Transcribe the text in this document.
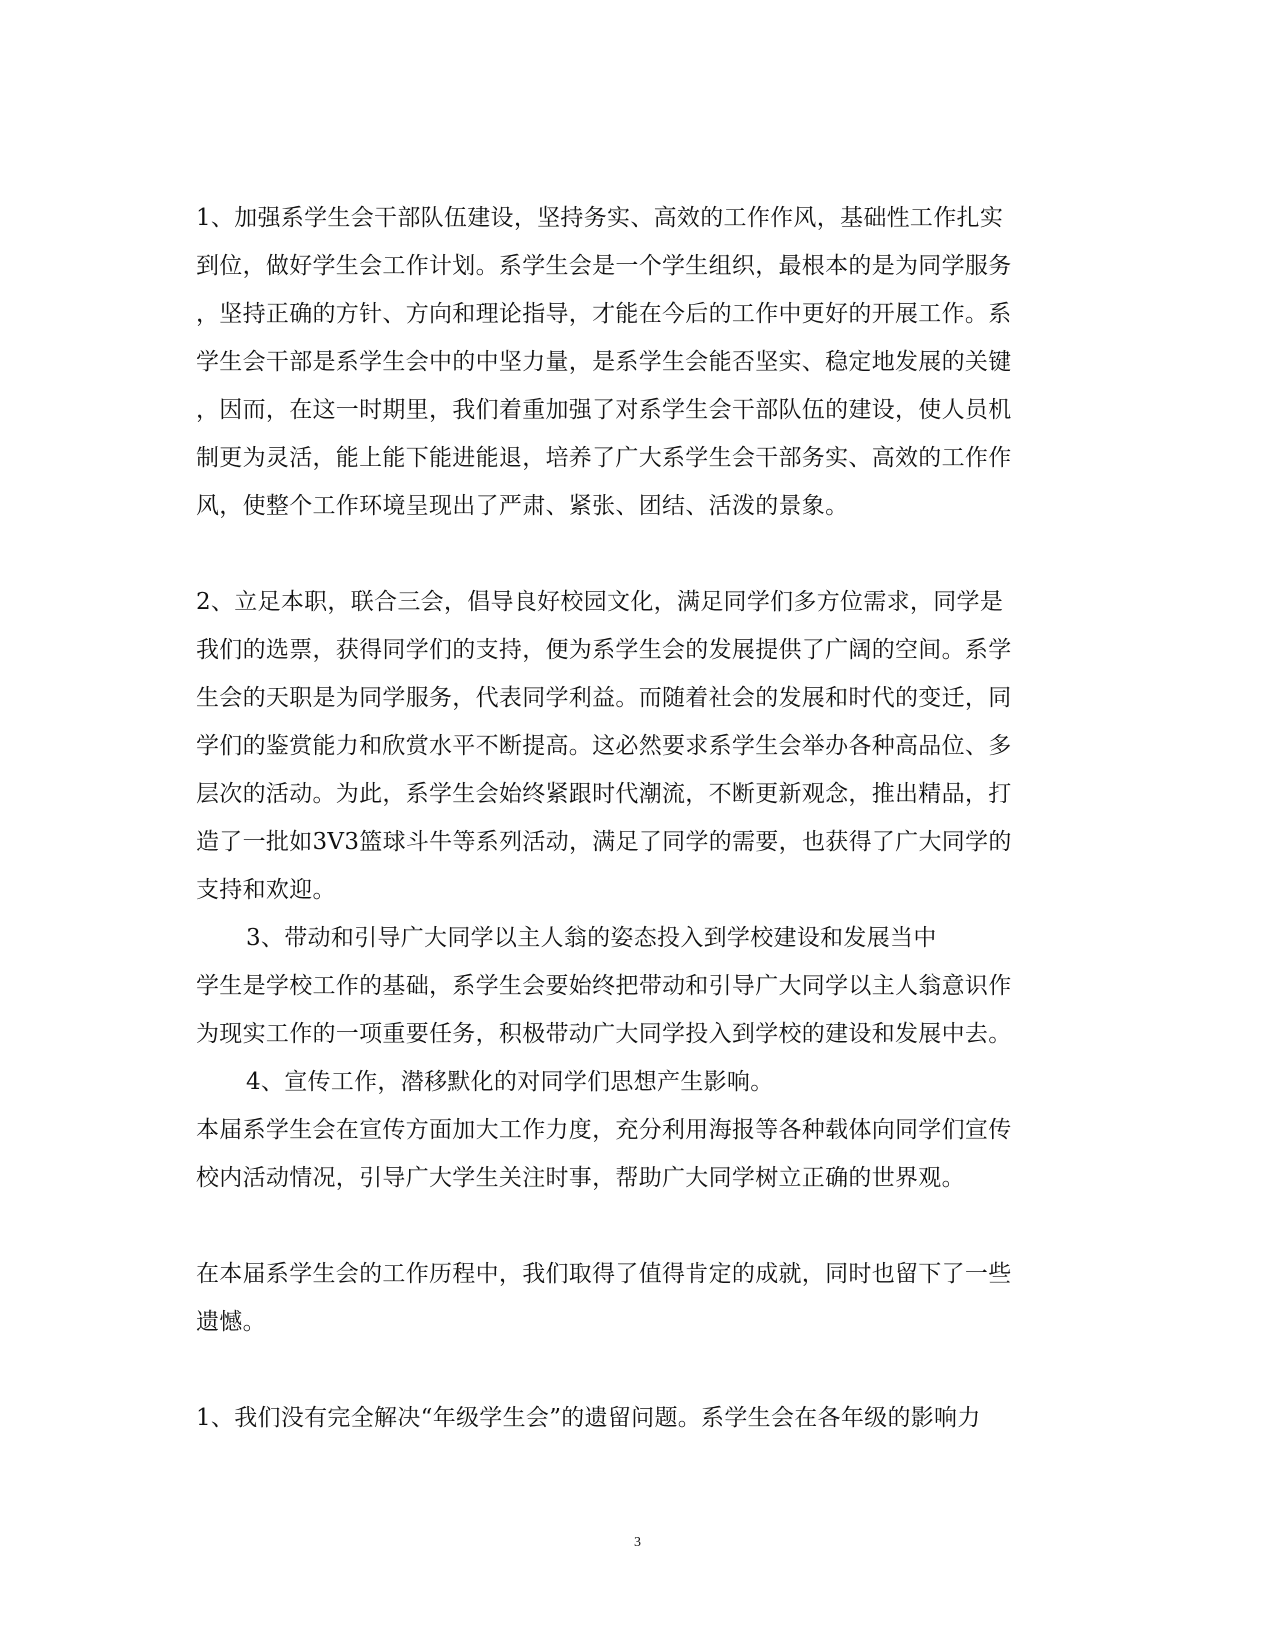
1、加强系学生会干部队伍建设，坚持务实、高效的工作作风，基础性工作扎实
到位，做好学生会工作计划。系学生会是一个学生组织，最根本的是为同学服务
，坚持正确的方针、方向和理论指导，才能在今后的工作中更好的开展工作。系
学生会干部是系学生会中的中坚力量，是系学生会能否坚实、稳定地发展的关键
，因而，在这一时期里，我们着重加强了对系学生会干部队伍的建设，使人员机
制更为灵活，能上能下能进能退，培养了广大系学生会干部务实、高效的工作作
风，使整个工作环境呈现出了严肃、紧张、团结、活泼的景象。
2、立足本职，联合三会，倡导良好校园文化，满足同学们多方位需求，同学是
我们的选票，获得同学们的支持，便为系学生会的发展提供了广阔的空间。系学
生会的天职是为同学服务，代表同学利益。而随着社会的发展和时代的变迁，同
学们的鉴赏能力和欣赏水平不断提高。这必然要求系学生会举办各种高品位、多
层次的活动。为此，系学生会始终紧跟时代潮流，不断更新观念，推出精品，打
造了一批如3V3篮球斗牛等系列活动，满足了同学的需要，也获得了广大同学的
支持和欢迎。
3、带动和引导广大同学以主人翁的姿态投入到学校建设和发展当中
学生是学校工作的基础，系学生会要始终把带动和引导广大同学以主人翁意识作
为现实工作的一项重要任务，积极带动广大同学投入到学校的建设和发展中去。
4、宣传工作，潜移默化的对同学们思想产生影响。
本届系学生会在宣传方面加大工作力度，充分利用海报等各种载体向同学们宣传
校内活动情况，引导广大学生关注时事，帮助广大同学树立正确的世界观。
在本届系学生会的工作历程中，我们取得了值得肯定的成就，同时也留下了一些
遗憾。
1、我们没有完全解决“年级学生会”的遗留问题。系学生会在各年级的影响力
3
